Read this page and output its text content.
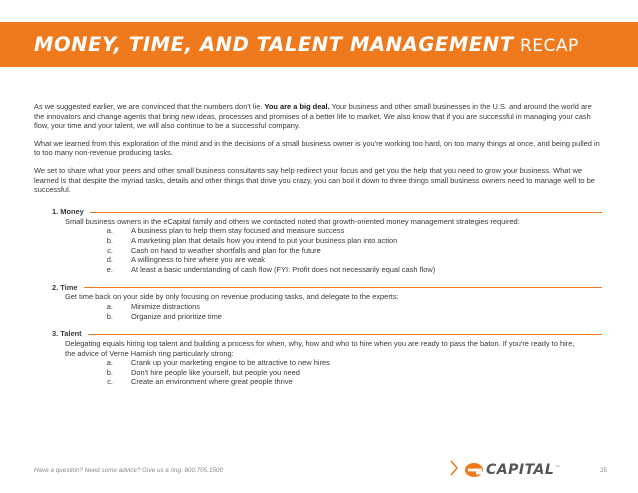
MONEY, TIME, AND TALENT MANAGEMENT RECAP

As we suggested earlier, we are convinced that the numbers don't lie. You are a big deal. Your business and other small businesses in the U.S. and around the world are the innovators and change agents that bring new ideas, processes and promises of a better life to market. We also know that if you are successful in managing your cash flow, your time and your talent, we will also continue to be a successful company.

What we learned from this exploration of the mind and in the decisions of a small business owner is you're working too hard, on too many things at once, and being pulled in to too many non-revenue producing tasks.

We set to share what your peers and other small business consultants say help redirect your focus and get you the help that you need to grow your business. What we learned is that despite the myriad tasks, details and other things that drive you crazy, you can boil it down to three things small business owners need to manage well to be successful.

1. Money
Small business owners in the eCapital family and others we contacted noted that growth-oriented money management strategies required:
a.	A business plan to help them stay focused and measure success
b.	A marketing plan that details how you intend to put your business plan into action
c.	Cash on hand to weather shortfalls and plan for the future
d.	A willingness to hire where you are weak
e.	At least a basic understanding of cash flow (FYI: Profit does not necessarily equal cash flow)
2. Time
Get time back on your side by only focusing on revenue producing tasks, and delegate to the experts:
a.	Minimize distractions
b.	Organize and prioritize time
3. Talent
Delegating equals hiring top talent and building a process for when, why, how and who to hire when you are ready to pass the baton. If you're ready to hire, the advice of Verne Harnish ring particularly strong:
a.	Crank up your marketing engine to be attractive to new hires
b.	Don't hire people like yourself, but people you need
c.	Create an environment where great people thrive
Have a question? Need some advice? Give us a ring. 800.705.1500	CAPITAL ™
25
